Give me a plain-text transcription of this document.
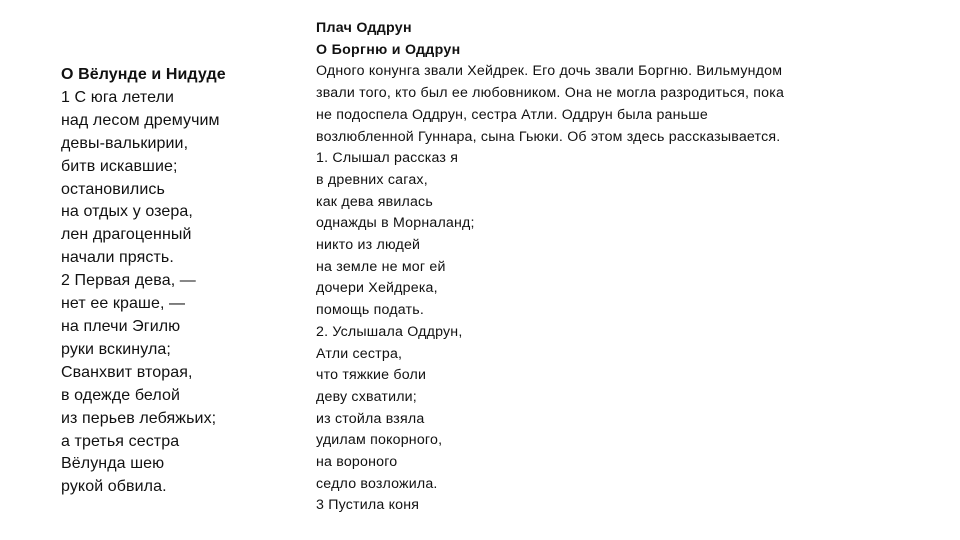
О Вёлунде и Нидуде
1 С юга летели
над лесом дремучим
девы-валькирии,
битв искавшие;
остановились
на отдых у озера,
лен драгоценный
начали прясть.
2 Первая дева, —
нет ее краше, —
на плечи Эгилю
руки вскинула;
Сванхвит вторая,
в одежде белой
из перьев лебяжьих;
а третья сестра
Вёлунда шею
рукой обвила.
Плач Оддрун
О Боргню и Оддрун
Одного конунга звали Хейдрек. Его дочь звали Боргню. Вильмундом
звали того, кто был ее любовником. Она не могла разродиться, пока
не подоспела Оддрун, сестра Атли. Оддрун была раньше
возлюбленной Гуннара, сына Гьюки. Об этом здесь рассказывается.
1. Слышал рассказ я
в древних сагах,
как дева явилась
однажды в Морналанд;
никто из людей
на земле не мог ей
дочери Хейдрека,
помощь подать.
2. Услышала Оддрун,
Атли сестра,
что тяжкие боли
деву схватили;
из стойла взяла
удилам покорного,
на вороного
седло возложила.
3 Пустила коня
